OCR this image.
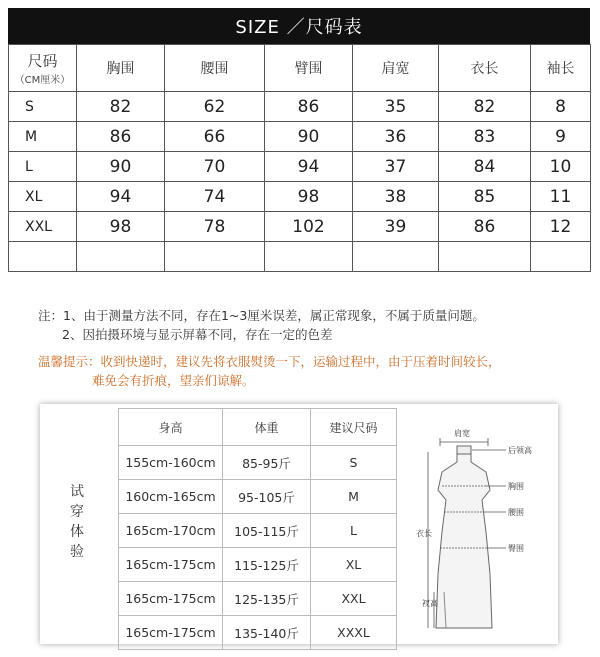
SIZE ／尺码表
尺码
（CM厘米）	胸围	腰围	臂围	肩宽	衣长	袖长
S	82	62	86	35	82	8
M	86	66	90	36	83	9
L	90	70	94	37	84	10
XL	94	74	98	38	85	11
XXL	98	78	102	39	86	12

注：1、由于测量方法不同，存在1~3厘米误差，属正常现象，不属于质量问题。
2、因拍摄环境与显示屏幕不同，存在一定的色差
温馨提示：收到快递时，建议先将衣服熨烫一下，运输过程中，由于压着时间较长，
难免会有折痕，望亲们谅解。
试穿体验
身高	体重	建议尺码
155cm-160cm	85-95斤	S
160cm-165cm	95-105斤	M
165cm-170cm	105-115斤	L
165cm-175cm	115-125斤	XL
165cm-175cm	125-135斤	XXL
165cm-175cm	135-140斤	XXXL
肩宽
后领高
胸围
腰围
臀围
衣长
衩高
